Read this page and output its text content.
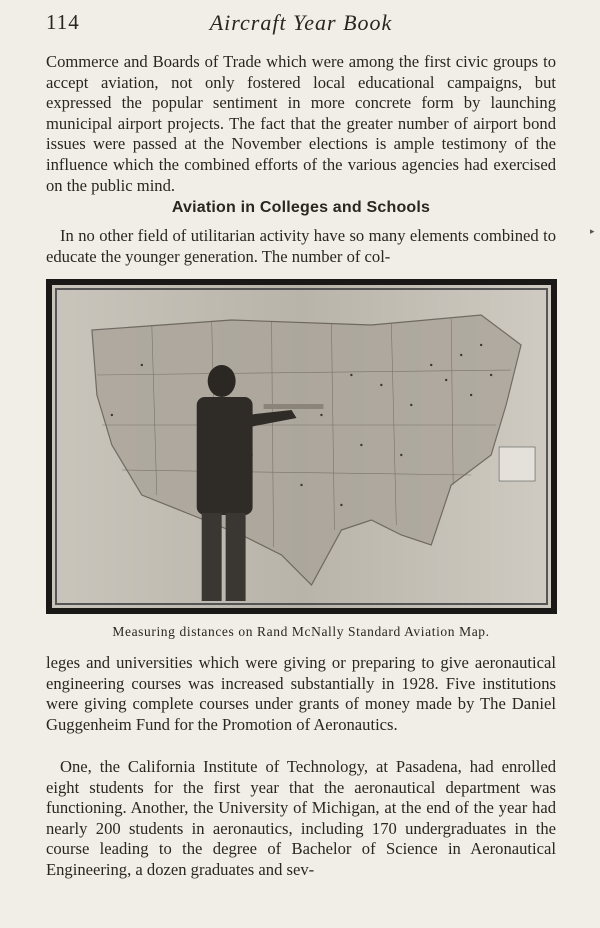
114	Aircraft Year Book

Commerce and Boards of Trade which were among the first civic groups to accept aviation, not only fostered local educational campaigns, but expressed the popular sentiment in more concrete form by launching municipal airport projects. The fact that the greater number of airport bond issues were passed at the November elections is ample testimony of the influence which the combined efforts of the various agencies had exercised on the public mind.

Aviation in Colleges and Schools

In no other field of utilitarian activity have so many elements combined to educate the younger generation. The number of col-

Measuring distances on Rand McNally Standard Aviation Map.

leges and universities which were giving or preparing to give aeronautical engineering courses was increased substantially in 1928. Five institutions were giving complete courses under grants of money made by The Daniel Guggenheim Fund for the Promotion of Aeronautics.

One, the California Institute of Technology, at Pasadena, had enrolled eight students for the first year that the aeronautical department was functioning. Another, the University of Michigan, at the end of the year had nearly 200 students in aeronautics, including 170 undergraduates in the course leading to the degree of Bachelor of Science in Aeronautical Engineering, a dozen graduates and sev-

▸
